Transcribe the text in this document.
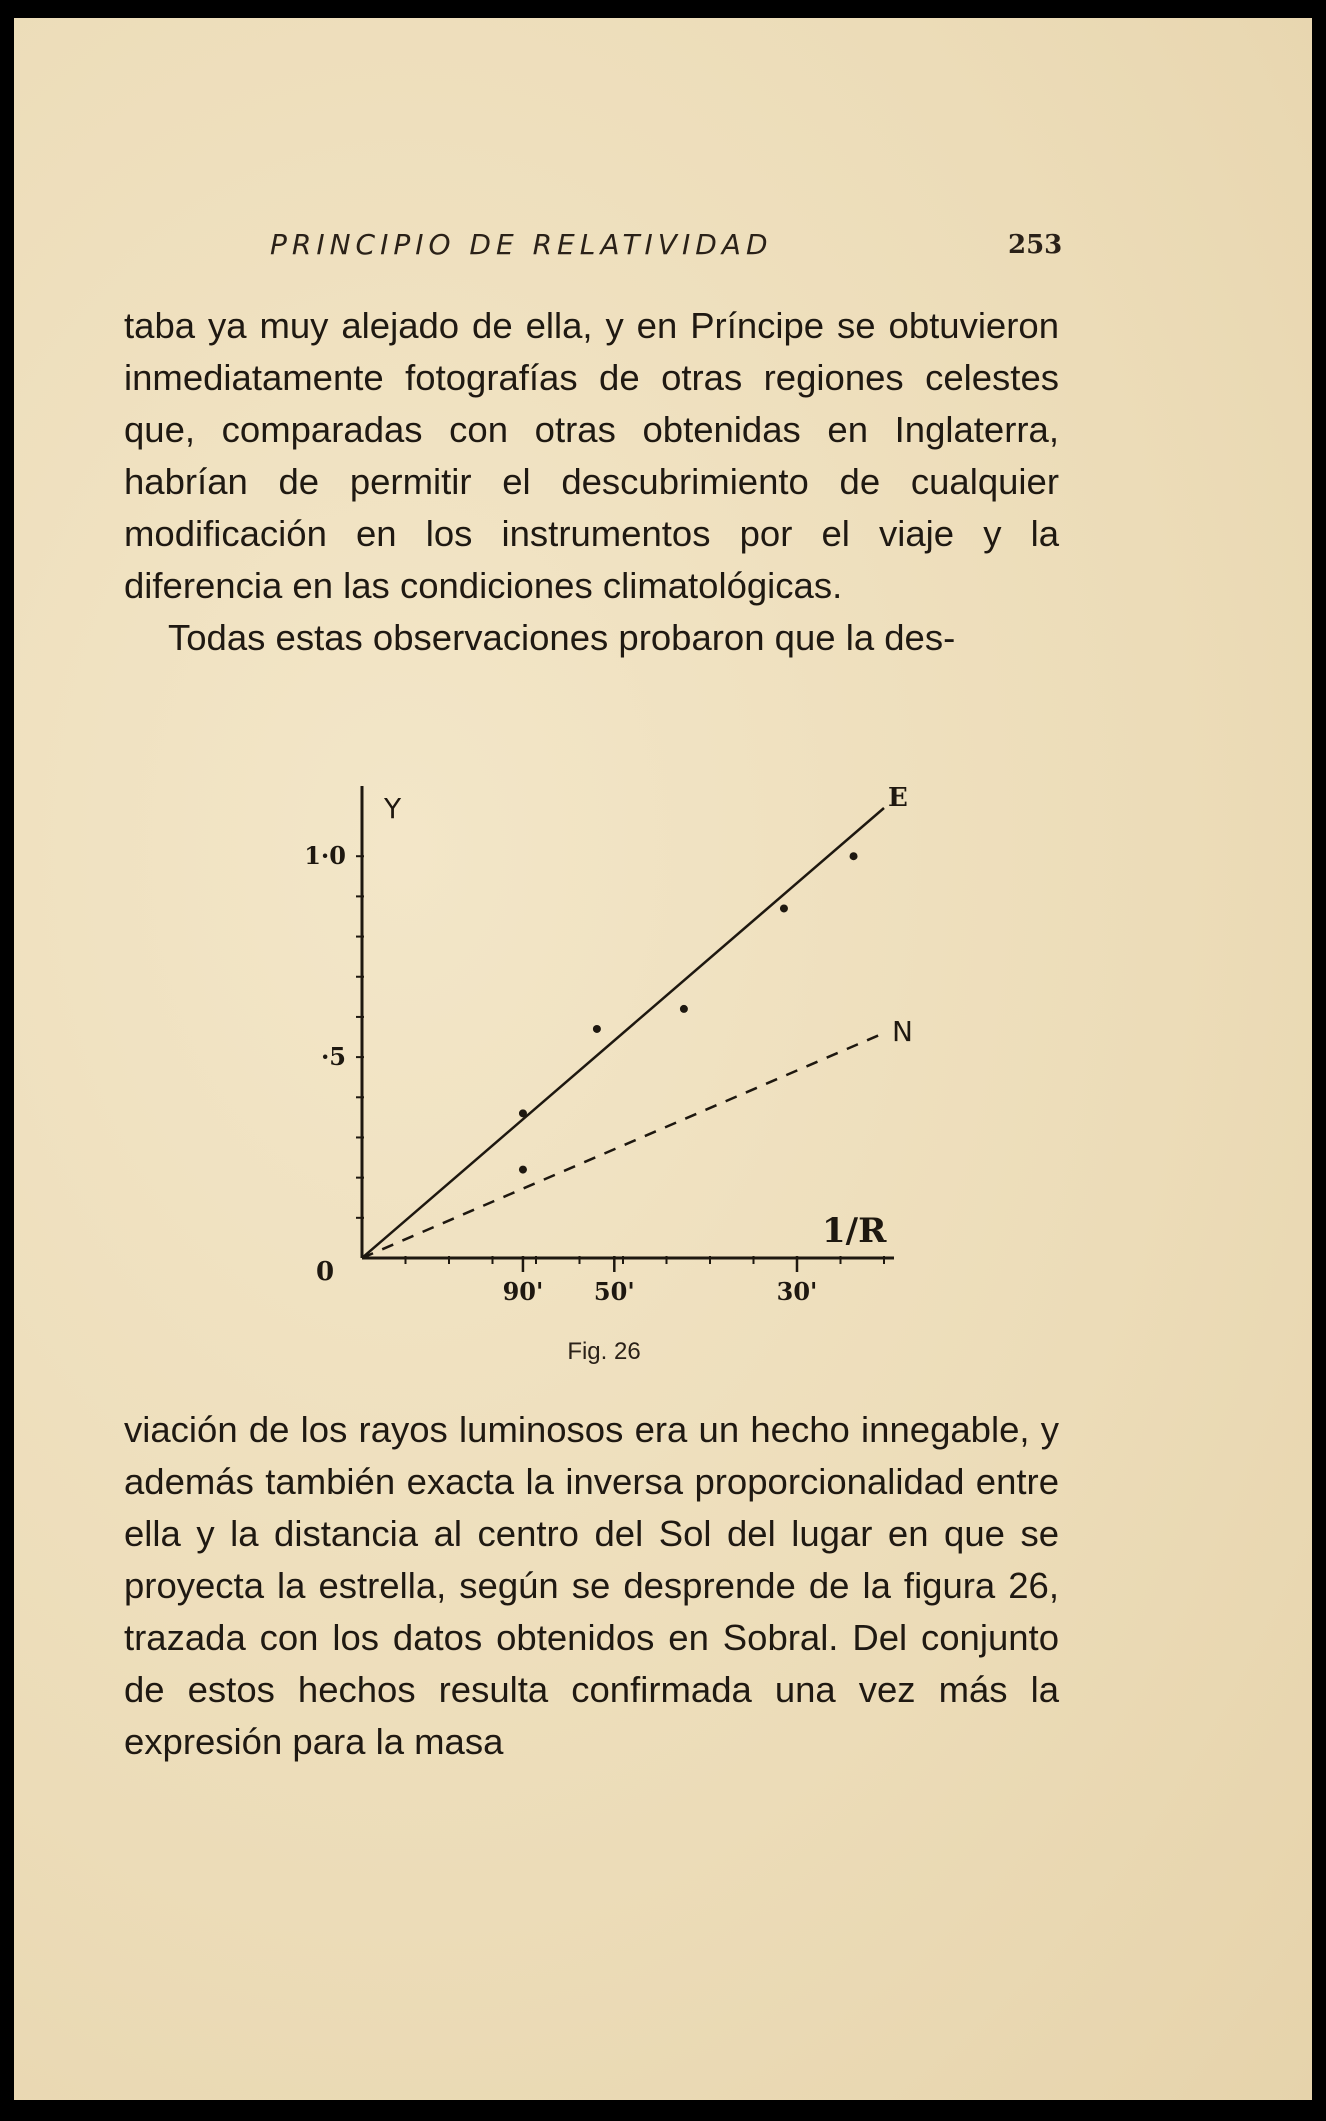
PRINCIPIO DE RELATIVIDAD	253

taba ya muy alejado de ella, y en Príncipe se obtuvieron inmediatamente fotografías de otras regiones celestes que, comparadas con otras obtenidas en Inglaterra, habrían de permitir el descubrimiento de cualquier modificación en los instrumentos por el viaje y la diferencia en las condiciones climatológicas.

Todas estas observaciones probaron que la des-

·5
1·0
90' 50'	30'
Y
0
E
N
1/R
Fig. 26

viación de los rayos luminosos era un hecho innegable, y además también exacta la inversa proporcionalidad entre ella y la distancia al centro del Sol del lugar en que se proyecta la estrella, según se desprende de la figura 26, trazada con los datos obtenidos en Sobral. Del conjunto de estos hechos resulta confirmada una vez más la expresión para la masa
